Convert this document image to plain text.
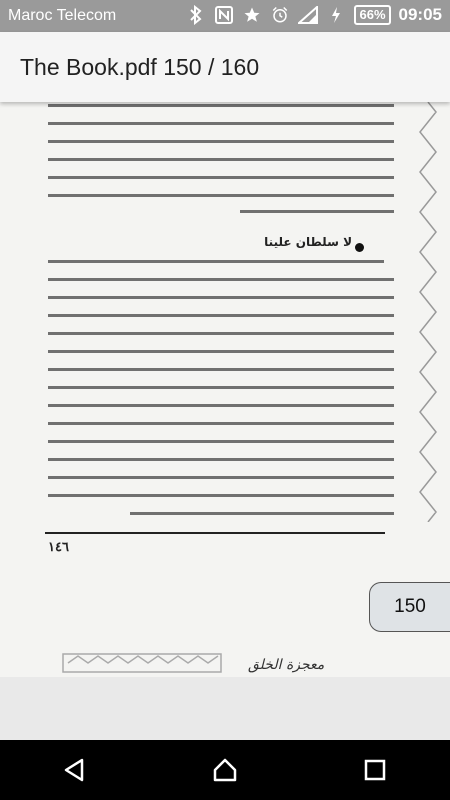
Maroc Telecom	66% 09:05
The Book.pdf 150 / 160
لا سلطان علينا
١٤٦
معجزة الخلق
150
